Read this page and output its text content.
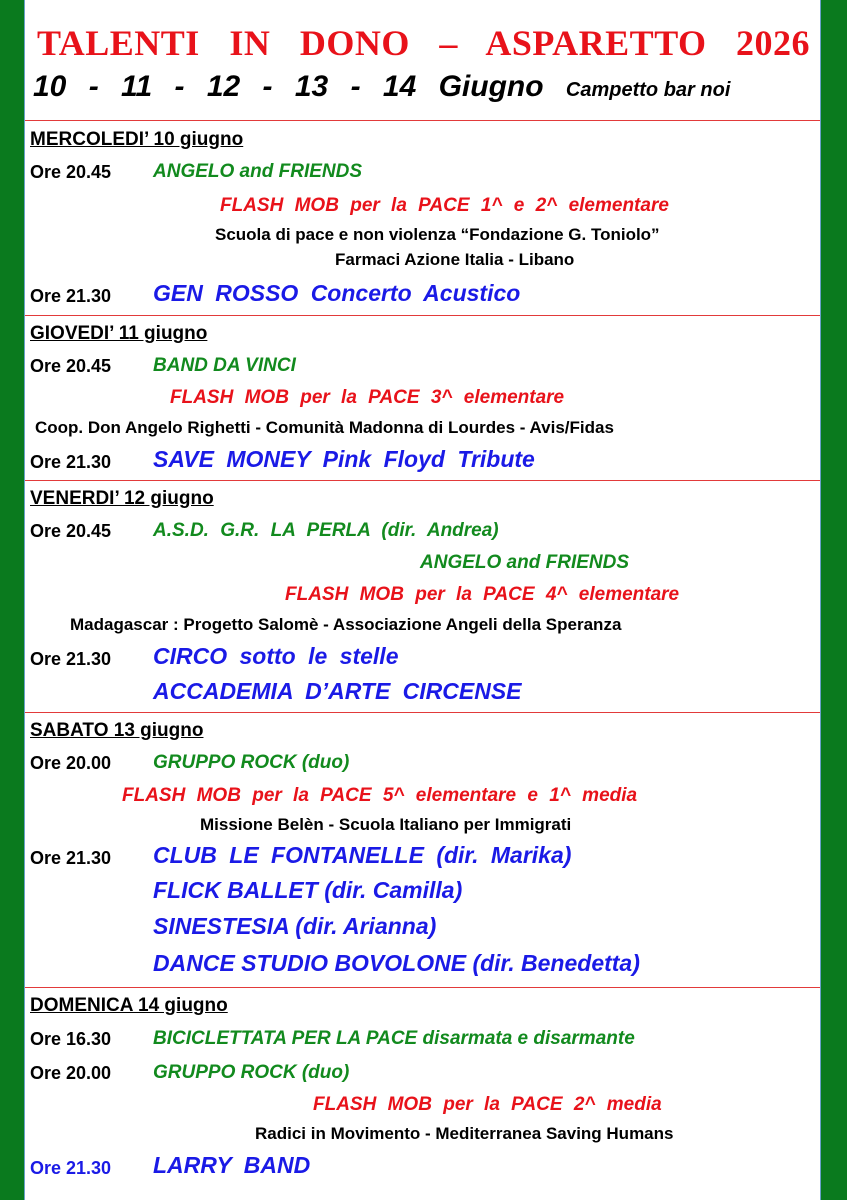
TALENTI IN DONO – ASPARETTO 2026
10 - 11 - 12 - 13 - 14 Giugno Campetto bar noi
MERCOLEDI’ 10 giugno
Ore 20.45 ANGELO and FRIENDS
FLASH MOB per la PACE 1^ e 2^ elementare
Scuola di pace e non violenza “Fondazione G. Toniolo”
Farmaci Azione Italia - Libano
Ore 21.30 GEN ROSSO Concerto Acustico
GIOVEDI’ 11 giugno
Ore 20.45 BAND DA VINCI
FLASH MOB per la PACE 3^ elementare
Coop. Don Angelo Righetti - Comunità Madonna di Lourdes - Avis/Fidas
Ore 21.30 SAVE MONEY Pink Floyd Tribute
VENERDI’ 12 giugno
Ore 20.45 A.S.D. G.R. LA PERLA (dir. Andrea)
ANGELO and FRIENDS
FLASH MOB per la PACE 4^ elementare
Madagascar : Progetto Salomè - Associazione Angeli della Speranza
Ore 21.30 CIRCO sotto le stelle
ACCADEMIA D’ARTE CIRCENSE
SABATO 13 giugno
Ore 20.00 GRUPPO ROCK (duo)
FLASH MOB per la PACE 5^ elementare e 1^ media
Missione Belèn - Scuola Italiano per Immigrati
Ore 21.30 CLUB LE FONTANELLE (dir. Marika)
FLICK BALLET (dir. Camilla)
SINESTESIA (dir. Arianna)
DANCE STUDIO BOVOLONE (dir. Benedetta)
DOMENICA 14 giugno
Ore 16.30 BICICLETTATA PER LA PACE disarmata e disarmante
Ore 20.00 GRUPPO ROCK (duo)
FLASH MOB per la PACE 2^ media
Radici in Movimento - Mediterranea Saving Humans
Ore 21.30 LARRY BAND
